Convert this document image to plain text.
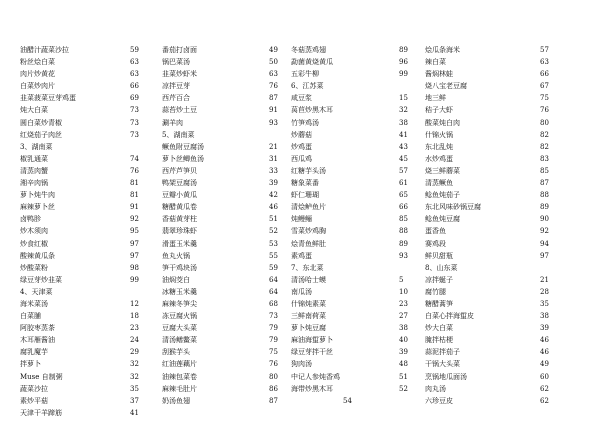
油醋汁蔬菜沙拉	59
粉丝烩白菜	63
肉片炒黄花	63
白菜炒肉片	66
韭菜菠菜豆芽鸡蛋	69
炖大白菜	73
圆白菜炒青椒	73
红烧茄子肉丝	73
3、湖南菜
椒乳通菜	74
清蒸肉蟹	76
湘辛肉锅	81
萝卜炖牛肉	81
麻辣萝卜丝	91
卤鸭胗	92
炒木须肉	95
炒食红椒	97
酸辣黄瓜条	97
炒酸菜粉	98
绿豆芽炒韭菜	99
4、天津菜
海米菜汤	12
白菜脯	18
阿胶枣蒸茶	23
木耳雁酱油	24
腐乳魔芋	29
拌萝卜	32
Muse 自制粥	32
蔬菜沙拉	35
素炒平菇	37
天津干羊蹄筋	41
番茄打卤面	49
锅巴菜汤	50
韭菜炒虾米	63
凉拌豆芽	76
西芹百合	87
蒜苔炒土豆	91
涮羊肉	93
5、湖南菜
鳜鱼附豆腐汤	21
萝卜丝鲫鱼汤	31
西芹芦笋贝	33
鸭架豆腐汤	39
豆瓣小黄瓜	42
糖醋黄瓜卷	46
香菇黄芽柱	51
翡翠珍珠虾	52
滑蛋玉米羹	53
鱼丸火锅	55
笋干鸡块汤	59
油焖茭白	64
冰糖玉米羹	64
麻辣冬笋尖	68
冻豆腐火锅	73
豆腐大头菜	79
清汤鳝鳖菜	79
刮猴芋头	75
红油莲藕片	76
油辣包菜卷	80
麻辣毛肚片	86
奶汤鱼翅	87
冬菇蒸鸡翅	89
勐菌黄烧黄瓜	96
五彩牛柳	99
6、江苏菜
咸豆浆	15
莴苣炒黑木耳	32
竹笋鸡汤	38
炒蘑菇	41
炒鸡蛋	43
西瓜鸡	45
红糖芋头汤	57
糖象菜番	61
虾仁珊瑚	65
清烩鲈鱼片	66
炖鳗鲡	85
雪菜炒鸡胸	88
烩青鱼鲜肚	89
素鸡蛋	93
7、东北菜
清汤哈士蟆	5
南瓜汤	10
什锦炖素菜	23
三鲜南荷菜	27
萝卜炖豆腐	38
麻油海蜇萝卜	40
绿豆芽拌干丝	39
狗肉汤	48
中记人参炖香鸡	51
海带炒黑木耳	52
54
烩瓜条海米	57
辣白菜	63
酱焖林蛙	66
烧八宝老豆腐	67
地三鲜	75
秸子大虾	76
酸菜炖白肉	80
什锦火锅	82
东北乱炖	82
水炒鸡蛋	83
烧三鲜蘑菜	85
清蒸鳜鱼	87
鲶鱼炖茄子	88
东北风味砂锅豆腐	89
鲶鱼炖豆腐	90
蛋香鱼	92
赛鸡段	94
鲜贝甜瓶	97
8、山东菜
凉拌蜒子	21
腐竹腿	28
糖醋蒿笋	35
白菜心拌海蜇皮	38
炒大白菜	39
腌拌枯梗	46
蒜泥拌茄子	46
干锅大头菜	49
烹锅地瓜面汤	60
肉丸汤	62
六珍豆皮	62
